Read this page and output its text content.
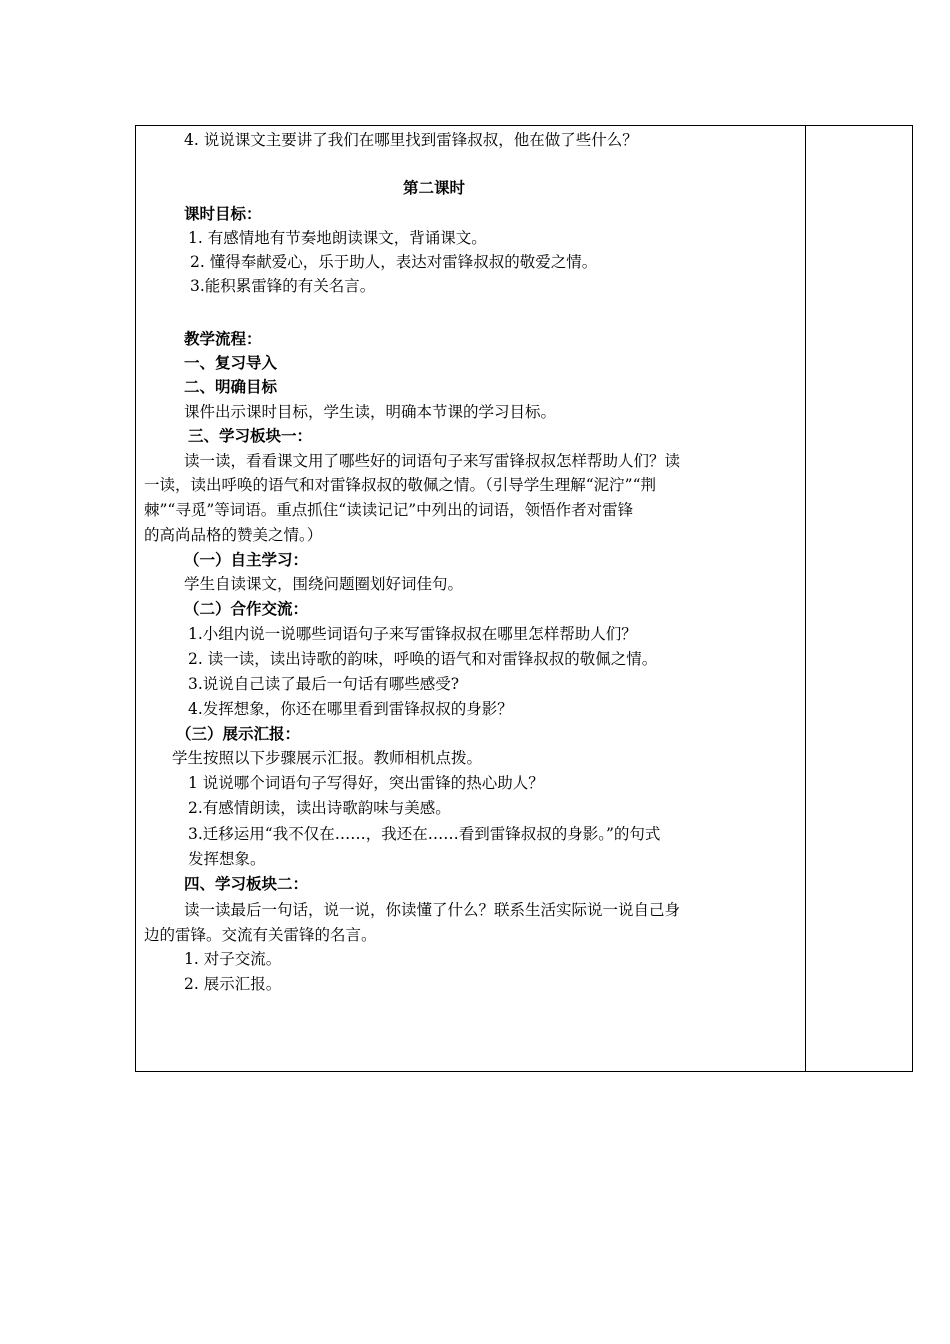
4. 说说课文主要讲了我们在哪里找到雷锋叔叔，他在做了些什么？
第二课时
课时目标：
1. 有感情地有节奏地朗读课文，背诵课文。
2. 懂得奉献爱心，乐于助人，表达对雷锋叔叔的敬爱之情。
3.能积累雷锋的有关名言。
教学流程：
一、复习导入
二、明确目标
课件出示课时目标，学生读，明确本节课的学习目标。
三、学习板块一：
读一读，看看课文用了哪些好的词语句子来写雷锋叔叔怎样帮助人们？读
一读，读出呼唤的语气和对雷锋叔叔的敬佩之情。（引导学生理解“泥泞”“荆
棘”“寻觅”等词语。重点抓住“读读记记”中列出的词语，领悟作者对雷锋
的高尚品格的赞美之情。）
（一）自主学习：
学生自读课文，围绕问题圈划好词佳句。
（二）合作交流：
1.小组内说一说哪些词语句子来写雷锋叔叔在哪里怎样帮助人们？
2. 读一读，读出诗歌的韵味，呼唤的语气和对雷锋叔叔的敬佩之情。
3.说说自己读了最后一句话有哪些感受?
4.发挥想象，你还在哪里看到雷锋叔叔的身影？
（三）展示汇报：
学生按照以下步骤展示汇报。教师相机点拨。
1 说说哪个词语句子写得好，突出雷锋的热心助人？
2.有感情朗读，读出诗歌韵味与美感。
3.迁移运用“我不仅在……，我还在……看到雷锋叔叔的身影。”的句式
发挥想象。
四、学习板块二：
读一读最后一句话，说一说，你读懂了什么？联系生活实际说一说自己身
边的雷锋。交流有关雷锋的名言。
1. 对子交流。
2. 展示汇报。
